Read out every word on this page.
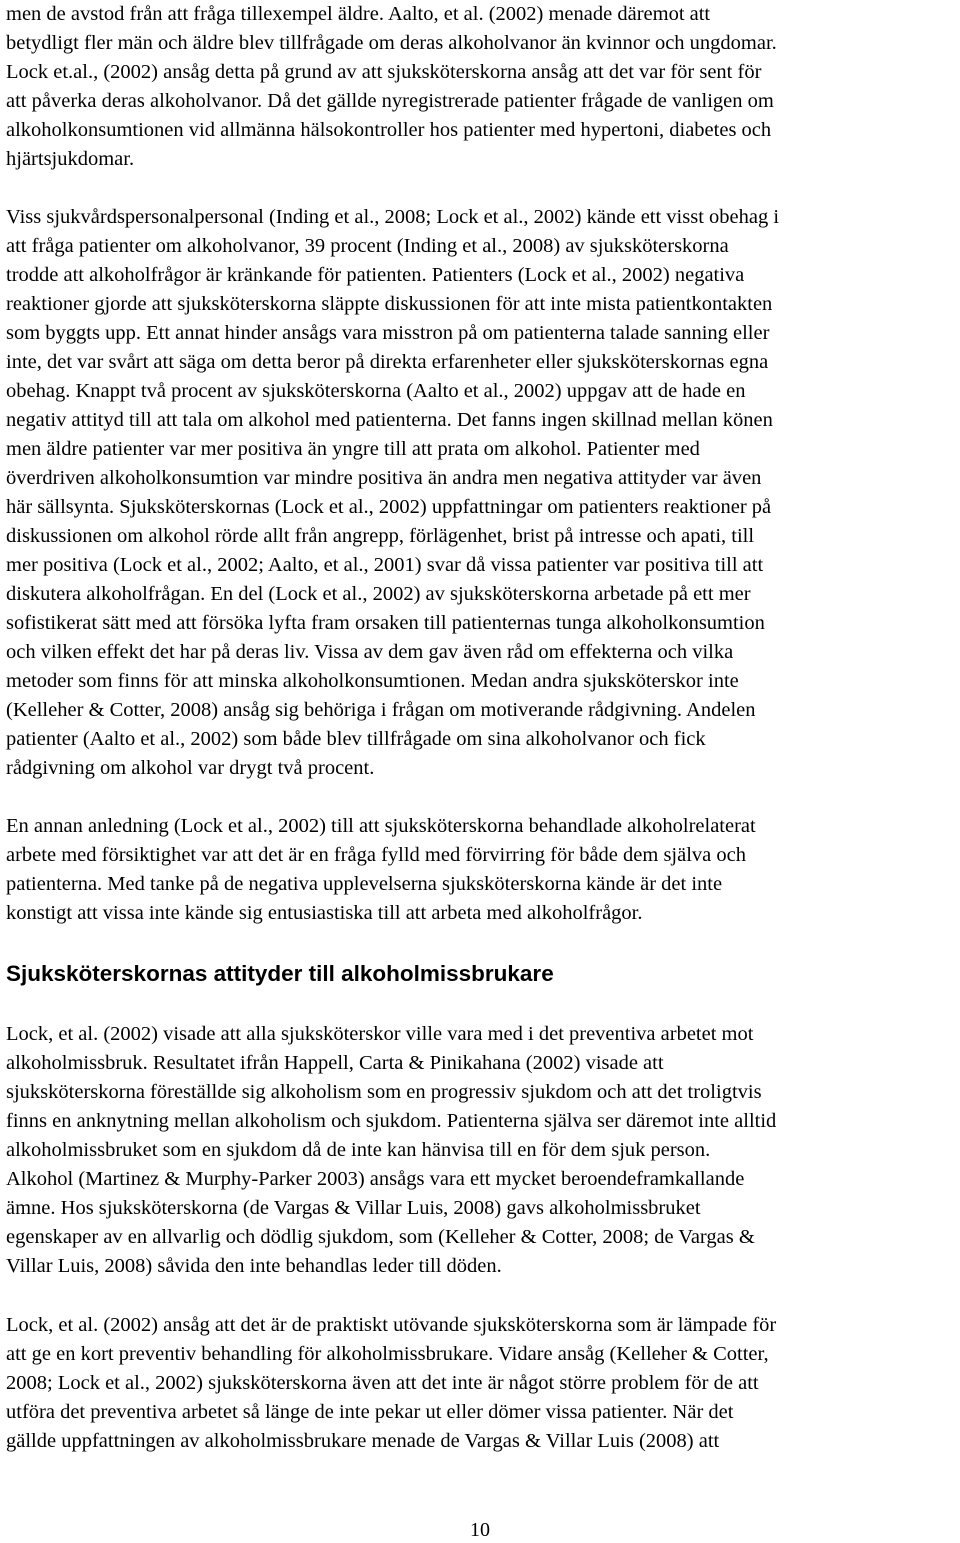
men de avstod från att fråga tillexempel äldre. Aalto, et al. (2002) menade däremot att
betydligt fler män och äldre blev tillfrågade om deras alkoholvanor än kvinnor och ungdomar.
Lock et.al., (2002) ansåg detta på grund av att sjuksköterskorna ansåg att det var för sent för
att påverka deras alkoholvanor. Då det gällde nyregistrerade patienter frågade de vanligen om
alkoholkonsumtionen vid allmänna hälsokontroller hos patienter med hypertoni, diabetes och
hjärtsjukdomar.
Viss sjukvårdspersonalpersonal (Inding et al., 2008; Lock et al., 2002) kände ett visst obehag i
att fråga patienter om alkoholvanor, 39 procent (Inding et al., 2008) av sjuksköterskorna
trodde att alkoholfrågor är kränkande för patienten. Patienters (Lock et al., 2002) negativa
reaktioner gjorde att sjuksköterskorna släppte diskussionen för att inte mista patientkontakten
som byggts upp. Ett annat hinder ansågs vara misstron på om patienterna talade sanning eller
inte, det var svårt att säga om detta beror på direkta erfarenheter eller sjuksköterskornas egna
obehag. Knappt två procent av sjuksköterskorna (Aalto et al., 2002) uppgav att de hade en
negativ attityd till att tala om alkohol med patienterna. Det fanns ingen skillnad mellan könen
men äldre patienter var mer positiva än yngre till att prata om alkohol. Patienter med
överdriven alkoholkonsumtion var mindre positiva än andra men negativa attityder var även
här sällsynta. Sjuksköterskornas (Lock et al., 2002) uppfattningar om patienters reaktioner på
diskussionen om alkohol rörde allt från angrepp, förlägenhet, brist på intresse och apati, till
mer positiva (Lock et al., 2002; Aalto, et al., 2001) svar då vissa patienter var positiva till att
diskutera alkoholfrågan. En del (Lock et al., 2002) av sjuksköterskorna arbetade på ett mer
sofistikerat sätt med att försöka lyfta fram orsaken till patienternas tunga alkoholkonsumtion
och vilken effekt det har på deras liv. Vissa av dem gav även råd om effekterna och vilka
metoder som finns för att minska alkoholkonsumtionen. Medan andra sjuksköterskor inte
(Kelleher & Cotter, 2008) ansåg sig behöriga i frågan om motiverande rådgivning. Andelen
patienter (Aalto et al., 2002) som både blev tillfrågade om sina alkoholvanor och fick
rådgivning om alkohol var drygt två procent.
En annan anledning (Lock et al., 2002) till att sjuksköterskorna behandlade alkoholrelaterat
arbete med försiktighet var att det är en fråga fylld med förvirring för både dem själva och
patienterna. Med tanke på de negativa upplevelserna sjuksköterskorna kände är det inte
konstigt att vissa inte kände sig entusiastiska till att arbeta med alkoholfrågor.
Sjuksköterskornas attityder till alkoholmissbrukare
Lock, et al. (2002) visade att alla sjuksköterskor ville vara med i det preventiva arbetet mot
alkoholmissbruk. Resultatet ifrån Happell, Carta & Pinikahana (2002) visade att
sjuksköterskorna föreställde sig alkoholism som en progressiv sjukdom och att det troligtvis
finns en anknytning mellan alkoholism och sjukdom. Patienterna själva ser däremot inte alltid
alkoholmissbruket som en sjukdom då de inte kan hänvisa till en för dem sjuk person.
Alkohol (Martinez & Murphy-Parker 2003) ansågs vara ett mycket beroendeframkallande
ämne. Hos sjuksköterskorna (de Vargas & Villar Luis, 2008) gavs alkoholmissbruket
egenskaper av en allvarlig och dödlig sjukdom, som (Kelleher & Cotter, 2008; de Vargas &
Villar Luis, 2008) såvida den inte behandlas leder till döden.
Lock, et al. (2002) ansåg att det är de praktiskt utövande sjuksköterskorna som är lämpade för
att ge en kort preventiv behandling för alkoholmissbrukare. Vidare ansåg (Kelleher & Cotter,
2008; Lock et al., 2002) sjuksköterskorna även att det inte är något större problem för de att
utföra det preventiva arbetet så länge de inte pekar ut eller dömer vissa patienter. När det
gällde uppfattningen av alkoholmissbrukare menade de Vargas & Villar Luis (2008) att
10
